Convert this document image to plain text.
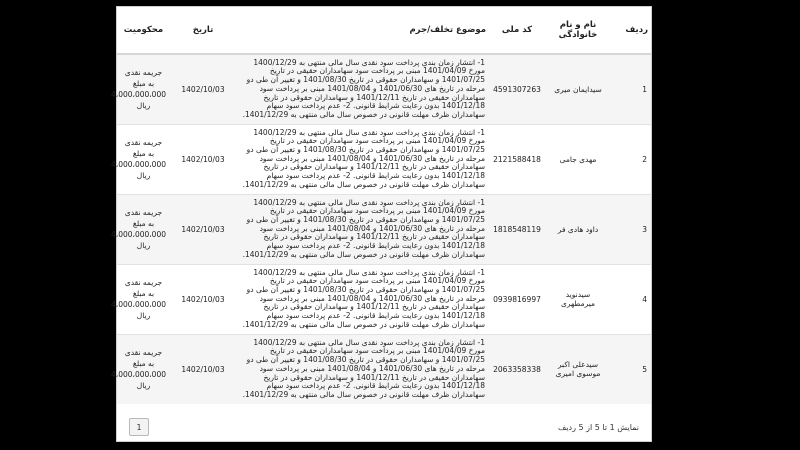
ردیف	نام و نام خانوادگی	کد ملی	موضوع تخلف/جرم	تاریخ	محکومیت
1	سیدایمان میری	4591307263	1- انتشار زمان بندی پرداخت سود نقدی سال مالی منتهی به 1400/12/29 مورخ 1401/04/09 مبنی بر پرداخت سود سهامداران حقیقی در تاریخ 1401/07/25 و سهامداران حقوقی در تاریخ 1401/08/30 و تغییر آن طی دو مرحله در تاریخ های 1401/06/30 و 1401/08/04 مبنی بر پرداخت سود سهامداران حقیقی در تاریخ 1401/12/11 و سهامداران حقوقی در تاریخ 1401/12/18 بدون رعایت شرایط قانونی. 2- عدم پرداخت سود سهام سهامداران ظرف مهلت قانونی در خصوص سال مالی منتهی به 1401/12/29.	1402/10/03	جریمه نقدی به مبلغ 4،000،000،000 ریال
2	مهدی جامی	2121588418	1- انتشار زمان بندی پرداخت سود نقدی سال مالی منتهی به 1400/12/29 مورخ 1401/04/09 مبنی بر پرداخت سود سهامداران حقیقی در تاریخ 1401/07/25 و سهامداران حقوقی در تاریخ 1401/08/30 و تغییر آن طی دو مرحله در تاریخ های 1401/06/30 و 1401/08/04 مبنی بر پرداخت سود سهامداران حقیقی در تاریخ 1401/12/11 و سهامداران حقوقی در تاریخ 1401/12/18 بدون رعایت شرایط قانونی. 2- عدم پرداخت سود سهام سهامداران ظرف مهلت قانونی در خصوص سال مالی منتهی به 1401/12/29.	1402/10/03	جریمه نقدی به مبلغ 4،000،000،000 ریال
3	داود هادی فر	1818548119	1- انتشار زمان بندی پرداخت سود نقدی سال مالی منتهی به 1400/12/29 مورخ 1401/04/09 مبنی بر پرداخت سود سهامداران حقیقی در تاریخ 1401/07/25 و سهامداران حقوقی در تاریخ 1401/08/30 و تغییر آن طی دو مرحله در تاریخ های 1401/06/30 و 1401/08/04 مبنی بر پرداخت سود سهامداران حقیقی در تاریخ 1401/12/11 و سهامداران حقوقی در تاریخ 1401/12/18 بدون رعایت شرایط قانونی. 2- عدم پرداخت سود سهام سهامداران ظرف مهلت قانونی در خصوص سال مالی منتهی به 1401/12/29.	1402/10/03	جریمه نقدی به مبلغ 4،000،000،000 ریال
4	سیدنوید میرمطهری	0939816997	1- انتشار زمان بندی پرداخت سود نقدی سال مالی منتهی به 1400/12/29 مورخ 1401/04/09 مبنی بر پرداخت سود سهامداران حقیقی در تاریخ 1401/07/25 و سهامداران حقوقی در تاریخ 1401/08/30 و تغییر آن طی دو مرحله در تاریخ های 1401/06/30 و 1401/08/04 مبنی بر پرداخت سود سهامداران حقیقی در تاریخ 1401/12/11 و سهامداران حقوقی در تاریخ 1401/12/18 بدون رعایت شرایط قانونی. 2- عدم پرداخت سود سهام سهامداران ظرف مهلت قانونی در خصوص سال مالی منتهی به 1401/12/29.	1402/10/03	جریمه نقدی به مبلغ 4،000،000،000 ریال
5	سیدعلی اکبر موسوی امیری	2063358338	1- انتشار زمان بندی پرداخت سود نقدی سال مالی منتهی به 1400/12/29 مورخ 1401/04/09 مبنی بر پرداخت سود سهامداران حقیقی در تاریخ 1401/07/25 و سهامداران حقوقی در تاریخ 1401/08/30 و تغییر آن طی دو مرحله در تاریخ های 1401/06/30 و 1401/08/04 مبنی بر پرداخت سود سهامداران حقیقی در تاریخ 1401/12/11 و سهامداران حقوقی در تاریخ 1401/12/18 بدون رعایت شرایط قانونی. 2- عدم پرداخت سود سهام سهامداران ظرف مهلت قانونی در خصوص سال مالی منتهی به 1401/12/29.	1402/10/03	جریمه نقدی به مبلغ 4،000،000،000 ریال
نمایش 1 تا 5 از 5 ردیف
1
